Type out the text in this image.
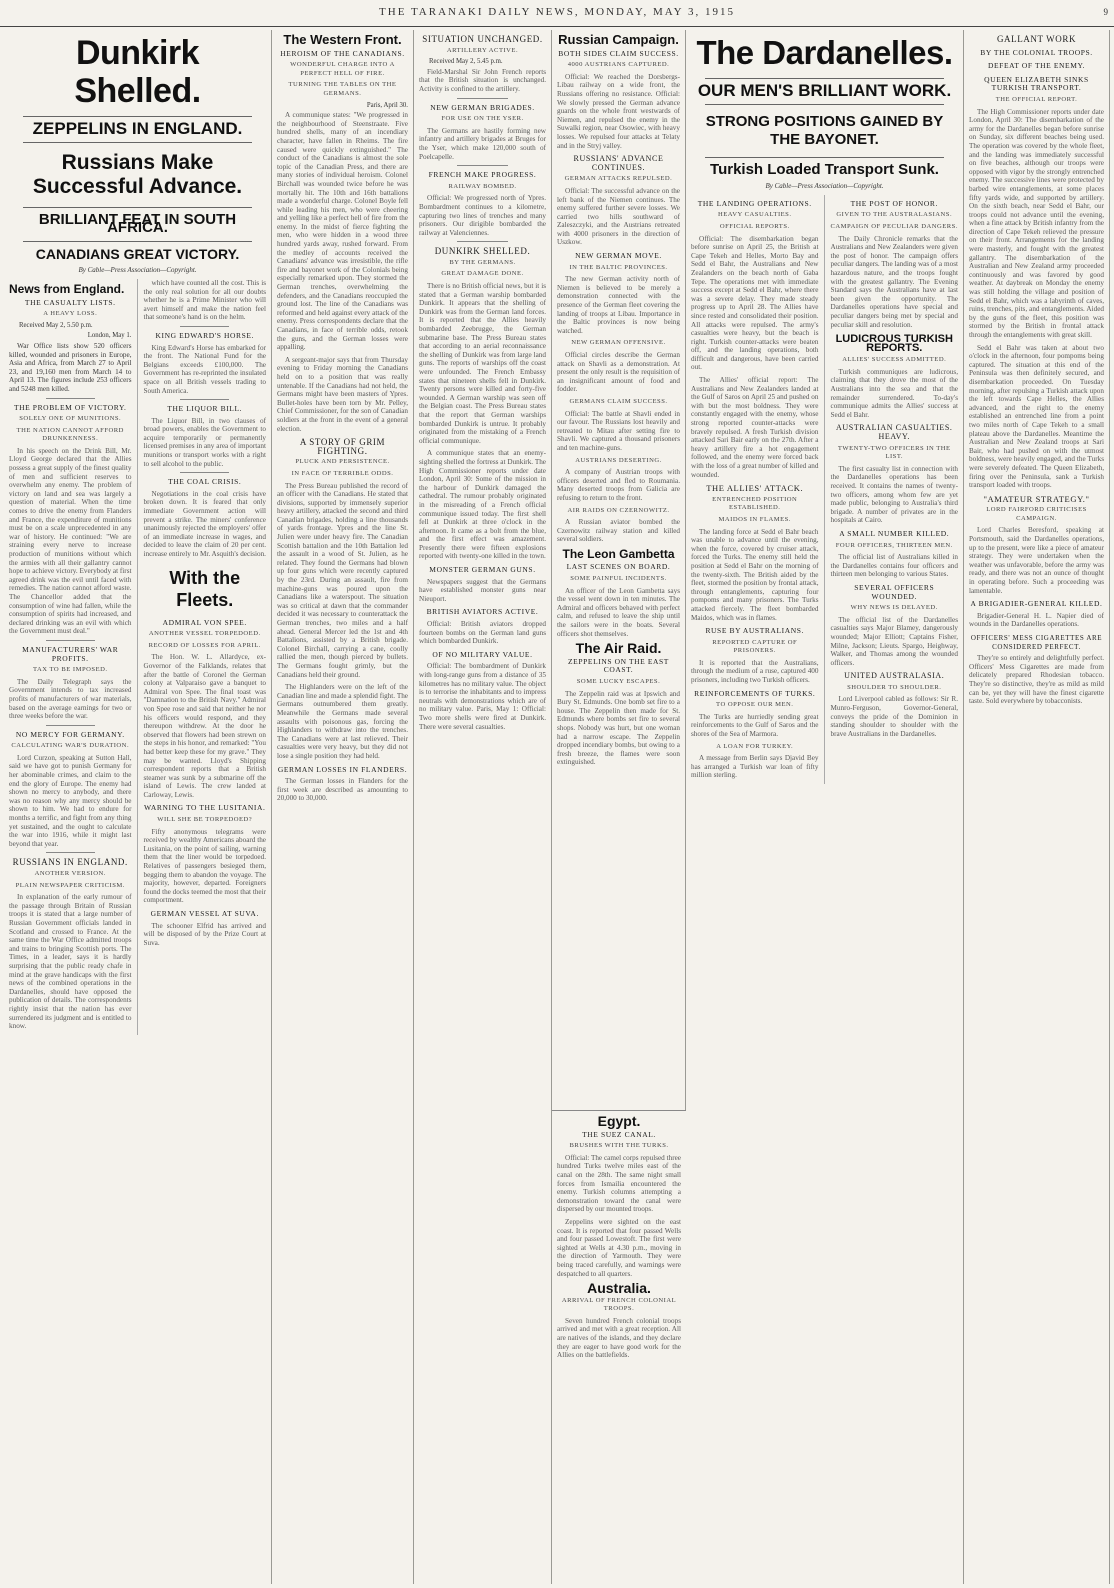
THE TARANAKI DAILY NEWS, MONDAY, MAY 3, 1915	9
Dunkirk Shelled.
ZEPPELINS IN ENGLAND.
Russians Make Successful Advance.
BRILLIANT FEAT IN SOUTH AFRICA.
CANADIANS GREAT VICTORY.
By Cable—Press Association—Copyright.
News from England.
THE CASUALTY LISTS.
A HEAVY LOSS.
Received May 2, 5.50 p.m.
London, May 1.

War Office lists show 520 officers killed, wounded and prisoners in Europe, Asia and Africa, from March 27 to April 23, and 19,160 men from March 14 to April 13. The figures include 253 officers and 5248 men killed.

THE PROBLEM OF VICTORY.
SOLELY ONE OF MUNITIONS.
THE NATION CANNOT AFFORD DRUNKENNESS.

In his speech on the Drink Bill, Mr. Lloyd George declared that the Allies possess a great supply of the finest quality of men and sufficient reserves to overwhelm any enemy. The problem of victory on land and sea was largely a question of material. When the time comes to drive the enemy from Flanders and France, the expenditure of munitions must be on a scale unprecedented in any war of history. He continued: "We are straining every nerve to increase production of munitions without which the armies with all their gallantry cannot hope to achieve victory. Everybody at first agreed drink was the evil until faced with remedies. The nation cannot afford waste. The Chancellor added that the consumption of wine had fallen, while the consumption of spirits had increased, and declared drinking was an evil with which the Government must deal."

MANUFACTURERS' WAR PROFITS.
TAX TO BE IMPOSED.

The Daily Telegraph says the Government intends to tax increased profits of manufacturers of war materials, based on the average earnings for two or three weeks before the war.

NO MERCY FOR GERMANY.
CALCULATING WAR'S DURATION.

Lord Curzon, speaking at Sutton Hall, said we have got to punish Germany for her abominable crimes, and claim to the end the glory of Europe. The enemy had shown no mercy to anybody, and there was no reason why any mercy should be shown to him. We had to endure for months a terrific, and fight from any thing yet sustained, and the ought to calculate the war into 1916, while it might last beyond that year.

RUSSIANS IN ENGLAND.
ANOTHER VERSION.
PLAIN NEWSPAPER CRITICISM.

In explanation of the early rumour of the passage through Britain of Russian troops it is stated that a large number of Russian Government officials landed in Scotland and crossed to France. At the same time the War Office admitted troops and trains to bringing Scottish ports. The Times, in a leader, says it is hardly surprising that the public ready chafe in mind at the grave handicaps with the first news of the combined operations in the Dardanelles, should have opposed the publication of details. The correspondents rightly insist that the nation has ever surrendered its judgment and is entitled to know.

which have counted all the cost. This is the only real solution for all our doubts whether he is a Prime Minister who will avert himself and make the nation feel that someone's hand is on the helm.

KING EDWARD'S HORSE.

King Edward's Horse has embarked for the front. The National Fund for the Belgians exceeds £100,000. The Government has re-reprinted the insulated space on all British vessels trading to South America.

THE LIQUOR BILL.

The Liquor Bill, in two clauses of broad powers, enables the Government to acquire temporarily or permanently licensed premises in any area of important munitions or transport works with a right to sell alcohol to the public.

THE COAL CRISIS.

Negotiations in the coal crisis have broken down. It is feared that only immediate Government action will prevent a strike. The miners' conference unanimously rejected the employers' offer of an immediate increase in wages, and decided to leave the claim of 20 per cent. increase entirely to Mr. Asquith's decision.

With the Fleets.
ADMIRAL VON SPEE.
ANOTHER VESSEL TORPEDOED.
RECORD OF LOSSES FOR APRIL.

The Hon. W. L. Allardyce, ex-Governor of the Falklands, relates that after the battle of Coronel the German colony at Valparaiso gave a banquet to Admiral von Spee. The final toast was "Damnation to the British Navy." Admiral von Spee rose and said that neither he nor his officers would respond, and they thereupon withdrew. At the door he observed that flowers had been strewn on the steps in his honor, and remarked: "You had better keep these for my grave." They may be wanted. Lloyd's Shipping correspondent reports that a British steamer was sunk by a submarine off the island of Lewis. The crew landed at Carloway, Lewis.

WARNING TO THE LUSITANIA.
WILL SHE BE TORPEDOED?

Fifty anonymous telegrams were received by wealthy Americans aboard the Lusitania, on the point of sailing, warning them that the liner would be torpedoed. Relatives of passengers besieged them, begging them to abandon the voyage. The majority, however, departed. Foreigners found the docks teemed the most that their comportment.

GERMAN VESSEL AT SUVA.

The schooner Elfrid has arrived and will be disposed of by the Prize Court at Suva.

The Western Front.
HEROISM OF THE CANADIANS.
WONDERFUL CHARGE INTO A PERFECT HELL OF FIRE.
TURNING THE TABLES ON THE GERMANS.
Paris, April 30.

A communique states: "We progressed in the neighbourhood of Steenstraate. Five hundred shells, many of an incendiary character, have fallen in Rheims. The fire caused were quickly extinguished." The conduct of the Canadians is almost the sole topic of the Canadian Press, and there are many stories of individual heroism. Colonel Birchall was wounded twice before he was mortally hit. The 10th and 16th battalions made a wonderful charge. Colonel Boyle fell while leading his men, who were cheering and yelling like a perfect hell of fire from the enemy. In the midst of fierce fighting the men, who were hidden in a wood three hundred yards away, rushed forward. From the medley of accounts received the Canadians' advance was irresistible, the rifle fire and bayonet work of the Colonials being especially remarked upon. They stormed the German trenches, overwhelming the defenders, and the Canadians reoccupied the ground lost. The line of the Canadians was reformed and held against every attack of the enemy. Press correspondents declare that the Canadians, in face of terrible odds, retook the guns, and the German losses were appalling.

A sergeant-major says that from Thursday evening to Friday morning the Canadians held on to a position that was really untenable. If the Canadians had not held, the Germans might have been masters of Ypres. Bullet-holes have been torn by Mr. Pelley, Chief Commissioner, for the son of Canadian soldiers at the front in the event of a general election.

A STORY OF GRIM FIGHTING.
PLUCK AND PERSISTENCE.
IN FACE OF TERRIBLE ODDS.

The Press Bureau published the record of an officer with the Canadians. He stated that divisions, supported by immensely superior heavy artillery, attacked the second and third Canadian brigades, holding a line thousands of yards frontage. Ypres and the line St. Julien were under heavy fire. The Canadian Scottish battalion and the 10th Battalion led the assault in a wood of St. Julien, as he related. They found the Germans had blown up four guns which were recently captured by the 23rd. During an assault, fire from machine-guns was poured upon the Canadians like a waterspout. The situation was so critical at dawn that the commander decided it was necessary to counterattack the German trenches, two miles and a half ahead. General Mercer led the 1st and 4th Battalions, assisted by a British brigade. Colonel Birchall, carrying a cane, coolly rallied the men, though pierced by bullets. The Germans fought grimly, but the Canadians held their ground.

The Highlanders were on the left of the Canadian line and made a splendid fight. The Germans outnumbered them greatly. Meanwhile the Germans made several assaults with poisonous gas, forcing the Highlanders to withdraw into the trenches. The Canadians were at last relieved. Their casualties were very heavy, but they did not lose a single position they had held.

GERMAN LOSSES IN FLANDERS.

The German losses in Flanders for the first week are described as amounting to 20,000 to 30,000.

SITUATION UNCHANGED.
ARTILLERY ACTIVE.
Received May 2, 5.45 p.m.

Field-Marshal Sir John French reports that the British situation is unchanged. Activity is confined to the artillery.

NEW GERMAN BRIGADES.
FOR USE ON THE YSER.

The Germans are hastily forming new infantry and artillery brigades at Bruges for the Yser, which make 120,000 south of Poelcapelle.

FRENCH MAKE PROGRESS.
RAILWAY BOMBED.

Official: We progressed north of Ypres. Bombardment continues to a kilometre, capturing two lines of trenches and many prisoners. Our dirigible bombarded the railway at Valenciennes.

DUNKIRK SHELLED.
BY THE GERMANS.
GREAT DAMAGE DONE.

There is no British official news, but it is stated that a German warship bombarded Dunkirk. It appears that the shelling of Dunkirk was from the German land forces. It is reported that the Allies heavily bombarded Zeebrugge, the German submarine base. The Press Bureau states that according to an aerial reconnaissance the shelling of Dunkirk was from large land guns. The reports of warships off the coast were unfounded. The French Embassy states that nineteen shells fell in Dunkirk. Twenty persons were killed and forty-five wounded. A German warship was seen off the Belgian coast. The Press Bureau states that the report that German warships bombarded Dunkirk is untrue. It probably originated from the mistaking of a French official communique.

A communique states that an enemy-sighting shelled the fortress at Dunkirk. The High Commissioner reports under date London, April 30: Some of the mission in the harbour of Dunkirk damaged the cathedral. The rumour probably originated in the misreading of a French official communique issued today. The first shell fell at Dunkirk at three o'clock in the afternoon. It came as a bolt from the blue, and the first effect was amazement. Presently there were fifteen explosions reported with twenty-one killed in the town.

MONSTER GERMAN GUNS.

Newspapers suggest that the Germans have established monster guns near Nieuport.

BRITISH AVIATORS ACTIVE.

Official: British aviators dropped fourteen bombs on the German land guns which bombarded Dunkirk.

OF NO MILITARY VALUE.

Official: The bombardment of Dunkirk with long-range guns from a distance of 35 kilometres has no military value. The object is to terrorise the inhabitants and to impress neutrals with demonstrations which are of no military value. Paris, May 1: Official: Two more shells were fired at Dunkirk. There were several casualties.

Russian Campaign.
BOTH SIDES CLAIM SUCCESS.
4000 AUSTRIANS CAPTURED.

Official: We reached the Dorsbergs-Libau railway on a wide front, the Russians offering no resistance. Official: We slowly pressed the German advance guards on the whole front westwards of Niemen, and repulsed the enemy in the Suwalki region, near Osowiec, with heavy losses. We repulsed four attacks at Telaty and in the Stryj valley.

RUSSIANS' ADVANCE CONTINUES.
GERMAN ATTACKS REPULSED.

Official: The successful advance on the left bank of the Niemen continues. The enemy suffered further severe losses. We carried two hills southward of Zaleszczyki, and the Austrians retreated with 4000 prisoners in the direction of Uszkow.

NEW GERMAN MOVE.
IN THE BALTIC PROVINCES.

The new German activity north of Niemen is believed to be merely a demonstration connected with the presence of the German fleet covering the landing of troops at Libau. Importance in the Baltic provinces is now being watched.

NEW GERMAN OFFENSIVE.

Official circles describe the German attack on Shavli as a demonstration. At present the only result is the requisition of an insignificant amount of food and fodder.

GERMANS CLAIM SUCCESS.

Official: The battle at Shavli ended in our favour. The Russians lost heavily and retreated to Mitau after setting fire to Shavli. We captured a thousand prisoners and ten machine-guns.

AUSTRIANS DESERTING.

A company of Austrian troops with officers deserted and fled to Roumania. Many deserted troops from Galicia are refusing to return to the front.

AIR RAIDS ON CZERNOWITZ.

A Russian aviator bombed the Czernowitz railway station and killed several soldiers.

The Leon Gambetta
LAST SCENES ON BOARD.
SOME PAINFUL INCIDENTS.

An officer of the Leon Gambetta says the vessel went down in ten minutes. The Admiral and officers behaved with perfect calm, and refused to leave the ship until the sailors were in the boats. Several officers shot themselves.

The Air Raid.
ZEPPELINS ON THE EAST COAST.
SOME LUCKY ESCAPES.

The Zeppelin raid was at Ipswich and Bury St. Edmunds. One bomb set fire to a house. The Zeppelin then made for St. Edmunds where bombs set fire to several shops. Nobody was hurt, but one woman had a narrow escape. The Zeppelin dropped incendiary bombs, but owing to a fresh breeze, the flames were soon extinguished.

The Dardanelles.
OUR MEN'S BRILLIANT WORK.
STRONG POSITIONS GAINED BY THE BAYONET.
Turkish Loaded Transport Sunk.
By Cable—Press Association—Copyright.
THE LANDING OPERATIONS.
HEAVY CASUALTIES.
OFFICIAL REPORTS.

Official: The disembarkation began before sunrise on April 25, the British at Cape Tekeh and Helles, Morto Bay and Sedd el Bahr, the Australians and New Zealanders on the beach north of Gaba Tepe. The operations met with immediate success except at Sedd el Bahr, where there was a severe delay. They made steady progress up to April 28. The Allies have since rested and consolidated their position. All attacks were repulsed. The army's casualties were heavy, but the beach is right. Turkish counter-attacks were beaten off, and the landing operations, both difficult and dangerous, have been carried out.

The Allies' official report: The Australians and New Zealanders landed at the Gulf of Saros on April 25 and pushed on with but the most boldness. They were constantly engaged with the enemy, whose strong reported counter-attacks were bravely repulsed. A fresh Turkish division attacked Sari Bair early on the 27th. After a heavy artillery fire a hot engagement followed, and the enemy were forced back with the loss of a great number of killed and wounded.

THE ALLIES' ATTACK.
ENTRENCHED POSITION ESTABLISHED.
MAIDOS IN FLAMES.

The landing force at Sedd el Bahr beach was unable to advance until the evening, when the force, covered by cruiser attack, forced the Turks. The enemy still held the position at Sedd el Bahr on the morning of the twenty-sixth. The British aided by the fleet, stormed the position by frontal attack, through entanglements, capturing four pompoms and many prisoners. The Turks attacked fiercely. The fleet bombarded Maidos, which was in flames.

RUSE BY AUSTRALIANS.
REPORTED CAPTURE OF PRISONERS.

It is reported that the Australians, through the medium of a ruse, captured 400 prisoners, including two Turkish officers.

REINFORCEMENTS OF TURKS.
TO OPPOSE OUR MEN.

The Turks are hurriedly sending great reinforcements to the Gulf of Saros and the shores of the Sea of Marmora.

A LOAN FOR TURKEY.

A message from Berlin says Djavid Bey has arranged a Turkish war loan of fifty million sterling.

THE POST OF HONOR.
GIVEN TO THE AUSTRALASIANS.
CAMPAIGN OF PECULIAR DANGERS.

The Daily Chronicle remarks that the Australians and New Zealanders were given the post of honor. The campaign offers peculiar dangers. The landing was of a most hazardous nature, and the troops fought with the greatest gallantry. The Evening Standard says the Australians have at last been given the opportunity. The Dardanelles operations have special and peculiar dangers being met by special and peculiar skill and resolution.

LUDICROUS TURKISH REPORTS.
ALLIES' SUCCESS ADMITTED.

Turkish communiques are ludicrous, claiming that they drove the most of the Australians into the sea and that the remainder surrendered. To-day's communique admits the Allies' success at Sedd el Bahr.

AUSTRALIAN CASUALTIES. HEAVY.
TWENTY-TWO OFFICERS IN THE LIST.

The first casualty list in connection with the Dardanelles operations has been received. It contains the names of twenty-two officers, among whom few are yet made public, belonging to Australia's third brigade. A number of privates are in the hospitals at Cairo.

A SMALL NUMBER KILLED.
FOUR OFFICERS, THIRTEEN MEN.

The official list of Australians killed in the Dardanelles contains four officers and thirteen men belonging to various States.

SEVERAL OFFICERS WOUNDED.
WHY NEWS IS DELAYED.

The official list of the Dardanelles casualties says Major Blamey, dangerously wounded; Major Elliott; Captains Fisher, Milne, Jackson; Lieuts. Spargo, Heighway, Walker, and Thomas among the wounded officers.

UNITED AUSTRALASIA.
SHOULDER TO SHOULDER.

Lord Liverpool cabled as follows: Sir R. Munro-Ferguson, Governor-General, conveys the pride of the Dominion in standing shoulder to shoulder with the brave Australians in the Dardanelles.

GALLANT WORK
BY THE COLONIAL TROOPS.
DEFEAT OF THE ENEMY.
QUEEN ELIZABETH SINKS TURKISH TRANSPORT.
THE OFFICIAL REPORT.

The High Commissioner reports under date London, April 30: The disembarkation of the army for the Dardanelles began before sunrise on Sunday, six different beaches being used. The operation was covered by the whole fleet, and the landing was immediately successful on five beaches, although our troops were opposed with vigor by the strongly entrenched enemy. The successive lines were protected by barbed wire entanglements, at some places fifty yards wide, and supported by artillery. On the sixth beach, near Sedd el Bahr, our troops could not advance until the evening, when a fine attack by British infantry from the direction of Cape Tekeh relieved the pressure on their front. Arrangements for the landing were masterly, and fought with the greatest gallantry. The disembarkation of the Australian and New Zealand army proceeded continuously and was favored by good weather. At daybreak on Monday the enemy was still holding the village and position of Sedd el Bahr, which was a labyrinth of caves, ruins, trenches, pits, and entanglements. Aided by the guns of the fleet, this position was stormed by the British in frontal attack through the entanglements with great skill.

Sedd el Bahr was taken at about two o'clock in the afternoon, four pompoms being captured. The situation at this end of the Peninsula was then definitely secured, and disembarkation proceeded. On Tuesday morning, after repulsing a Turkish attack upon the left towards Cape Helles, the Allies advanced, and the right to the enemy established an entrenched line from a point two miles north of Cape Tekeh to a small plateau above the Dardanelles. Meantime the Australian and New Zealand troops at Sari Bair, who had pushed on with the utmost boldness, were heavily engaged, and the Turks were severely defeated. The Queen Elizabeth, firing over the Peninsula, sank a Turkish transport loaded with troops.

"AMATEUR STRATEGY."
LORD FAIRFORD CRITICISES CAMPAIGN.

Lord Charles Beresford, speaking at Portsmouth, said the Dardanelles operations, up to the present, were like a piece of amateur strategy. They were undertaken when the weather was unfavorable, before the army was ready, and there was not an ounce of thought in operating before. Such a proceeding was lamentable.

A BRIGADIER-GENERAL KILLED.

Brigadier-General H. L. Napier died of wounds in the Dardanelles operations.

OFFICERS' MESS CIGARETTES ARE CONSIDERED PERFECT.

They're so entirely and delightfully perfect. Officers' Mess Cigarettes are made from delicately prepared Rhodesian tobacco. They're so distinctive, they're as mild as mild can be, yet they will have the finest cigarette taste. Sold everywhere by tobacconists.

Egypt.
THE SUEZ CANAL.
BRUSHES WITH THE TURKS.

Official: The camel corps repulsed three hundred Turks twelve miles east of the canal on the 28th. The same night small forces from Ismailia encountered the enemy. Turkish columns attempting a demonstration toward the canal were dispersed by our mounted troops.

Zeppelins were sighted on the east coast. It is reported that four passed Wells and four passed Lowestoft. The first were sighted at Wells at 4.30 p.m., moving in the direction of Yarmouth. They were being traced carefully, and warnings were despatched to all quarters.

Australia.
ARRIVAL OF FRENCH COLONIAL TROOPS.

Seven hundred French colonial troops arrived and met with a great reception. All are natives of the islands, and they declare they are eager to have good work for the Allies on the battlefields.
